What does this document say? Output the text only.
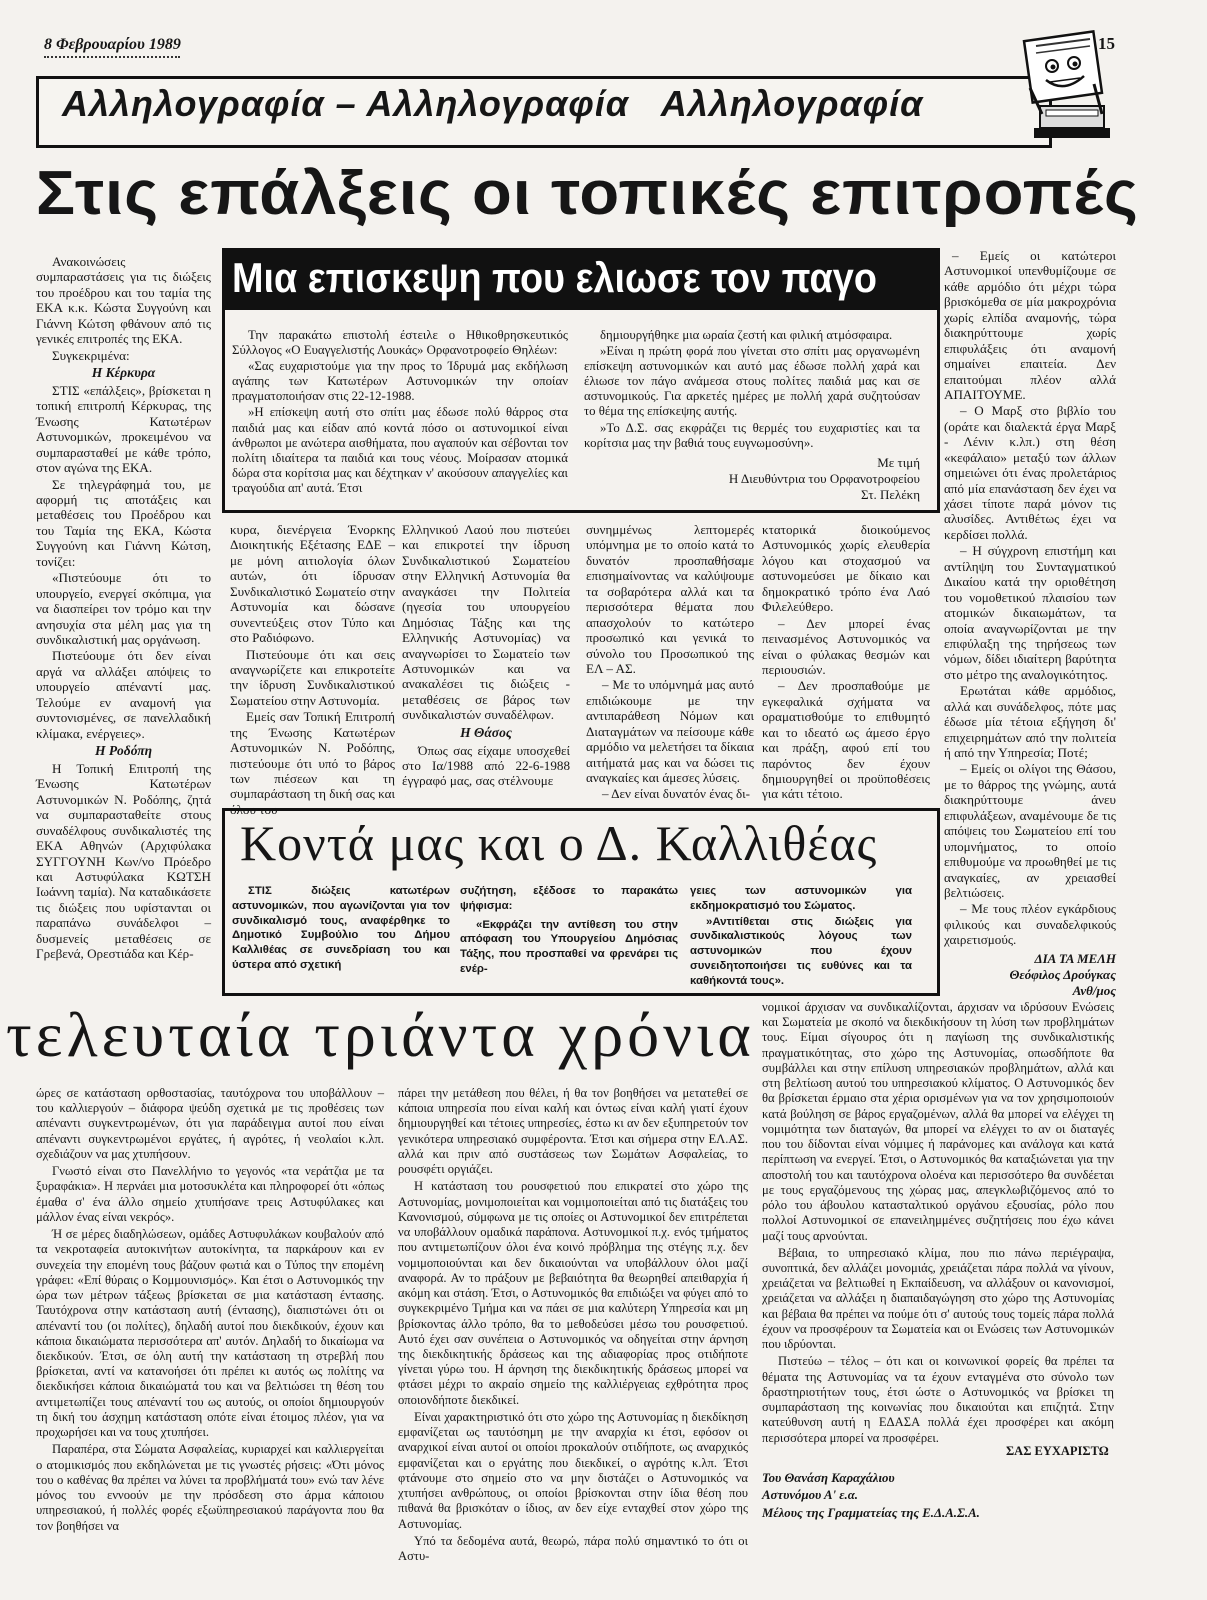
8 Φεβρουαρίου 1989	15
Αλληλογραφία – Αλληλογραφία   Αλληλογραφία
Στις επάλξεις οι τοπικές επιτροπές

Ανακοινώσεις συμπαραστάσεις για τις διώξεις του προέδρου και του ταμία της ΕΚΑ κ.κ. Κώστα Συγγούνη και Γιάννη Κώτση φθάνουν από τις γενικές επιτροπές της ΕΚΑ.

Συγκεκριμένα:

Η Κέρκυρα

ΣΤΙΣ «επάλξεις», βρίσκεται η τοπική επιτροπή Κέρκυρας, της Ένωσης Κατωτέρων Αστυνομικών, προκειμένου να συμπαρασταθεί με κάθε τρόπο, στον αγώνα της ΕΚΑ.

Σε τηλεγράφημά του, με αφορμή τις αποτάξεις και μεταθέσεις του Προέδρου και του Ταμία της ΕΚΑ, Κώστα Συγγούνη και Γιάννη Κώτση, τονίζει:

«Πιστεύουμε ότι το υπουργείο, ενεργεί σκόπιμα, για να διασπείρει τον τρόμο και την ανησυχία στα μέλη μας για τη συνδικαλιστική μας οργάνωση.

Πιστεύουμε ότι δεν είναι αργά να αλλάξει απόψεις το υπουργείο απέναντί μας. Τελούμε εν αναμονή για συντονισμένες, σε πανελλαδική κλίμακα, ενέργειες».

Η Ροδόπη

Η Τοπική Επιτροπή της Ένωσης Κατωτέρων Αστυνομικών Ν. Ροδόπης, ζητά να συμπαρασταθείτε στους συναδέλφους συνδικαλιστές της ΕΚΑ Αθηνών (Αρχιφύλακα ΣΥΓΓΟΥΝΗ Κων/νο Πρόεδρο και Αστυφύλακα ΚΩΤΣΗ Ιωάννη ταμία). Να καταδικάσετε τις διώξεις που υφίστανται οι παραπάνω συνάδελφοι – δυσμενείς μεταθέσεις σε Γρεβενά, Ορεστιάδα και Κέρ-

Μια επισκεψη που ελιωσε τον παγο

Την παρακάτω επιστολή έστειλε ο Ηθικοθρησκευτικός Σύλλογος «Ο Ευαγγελιστής Λουκάς» Ορφανοτροφείο Θηλέων:

«Σας ευχαριστούμε για την προς το Ίδρυμά μας εκδήλωση αγάπης των Κατωτέρων Αστυνομικών την οποίαν πραγματοποιήσαν στις 22-12-1988.

»Η επίσκεψη αυτή στο σπίτι μας έδωσε πολύ θάρρος στα παιδιά μας και είδαν από κοντά πόσο οι αστυνομικοί είναι άνθρωποι με ανώτερα αισθήματα, που αγαπούν και σέβονται τον πολίτη ιδιαίτερα τα παιδιά και τους νέους. Μοίρασαν ατομικά δώρα στα κορίτσια μας και δέχτηκαν ν' ακούσουν απαγγελίες και τραγούδια απ' αυτά. Έτσι

δημιουργήθηκε μια ωραία ζεστή και φιλική ατμόσφαιρα.

»Είναι η πρώτη φορά που γίνεται στο σπίτι μας οργανωμένη επίσκεψη αστυνομικών και αυτό μας έδωσε πολλή χαρά και έλιωσε τον πάγο ανάμεσα στους πολίτες παιδιά μας και σε αστυνομικούς. Για αρκετές ημέρες με πολλή χαρά συζητούσαν το θέμα της επίσκεψης αυτής.

»Το Δ.Σ. σας εκφράζει τις θερμές του ευχαριστίες και τα κορίτσια μας την βαθιά τους ευγνωμοσύνη».

Με τιμή
Η Διευθύντρια του Ορφανοτροφείου
Στ. Πελέκη

κυρα, διενέργεια Ένορκης Διοικητικής Εξέτασης ΕΔΕ – με μόνη αιτιολογία όλων αυτών, ότι ίδρυσαν Συνδικαλιστικό Σωματείο στην Αστυνομία και δώσανε συνεντεύξεις στον Τύπο και στο Ραδιόφωνο.

Πιστεύουμε ότι και σεις αναγνωρίζετε και επικροτείτε την ίδρυση Συνδικαλιστικού Σωματείου στην Αστυνομία.

Εμείς σαν Τοπική Επιτροπή της Ένωσης Κατωτέρων Αστυνομικών Ν. Ροδόπης, πιστεύουμε ότι υπό το βάρος των πιέσεων και τη συμπαράσταση τη δική σας και όλου του

Ελληνικού Λαού που πιστεύει και επικροτεί την ίδρυση Συνδικαλιστικού Σωματείου στην Ελληνική Αστυνομία θα αναγκάσει την Πολιτεία (ηγεσία του υπουργείου Δημόσιας Τάξης και της Ελληνικής Αστυνομίας) να αναγνωρίσει το Σωματείο των Αστυνομικών και να ανακαλέσει τις διώξεις - μεταθέσεις σε βάρος των συνδικαλιστών συναδέλφων.

Η Θάσος

Όπως σας είχαμε υποσχεθεί στο Ια/1988 από 22-6-1988 έγγραφό μας, σας στέλνουμε

συνημμένως λεπτομερές υπόμνημα με το οποίο κατά το δυνατόν προσπαθήσαμε επισημαίνοντας να καλύψουμε τα σοβαρότερα αλλά και τα περισσότερα θέματα που απασχολούν το κατώτερο προσωπικό και γενικά το σύνολο του Προσωπικού της ΕΛ – ΑΣ.

– Με το υπόμνημά μας αυτό επιδιώκουμε με την αντιπαράθεση Νόμων και Διαταγμάτων να πείσουμε κάθε αρμόδιο να μελετήσει τα δίκαια αιτήματά μας και να δώσει τις αναγκαίες και άμεσες λύσεις.

– Δεν είναι δυνατόν ένας δι-

κτατορικά διοικούμενος Αστυνομικός χωρίς ελευθερία λόγου και στοχασμού να αστυνομεύσει με δίκαιο και δημοκρατικό τρόπο ένα Λαό Φιλελεύθερο.

– Δεν μπορεί ένας πεινασμένος Αστυνομικός να είναι ο φύλακας θεσμών και περιουσιών.

– Δεν προσπαθούμε με εγκεφαλικά σχήματα να οραματισθούμε το επιθυμητό και το ιδεατό ως άμεσο έργο και πράξη, αφού επί του παρόντος δεν έχουν δημιουργηθεί οι προϋποθέσεις για κάτι τέτοιο.

– Εμείς οι κατώτεροι Αστυνομικοί υπενθυμίζουμε σε κάθε αρμόδιο ότι μέχρι τώρα βρισκόμεθα σε μία μακροχρόνια χωρίς ελπίδα αναμονής, τώρα διακηρύττουμε χωρίς επιφυλάξεις ότι αναμονή σημαίνει επαιτεία. Δεν επαιτούμαι πλέον αλλά ΑΠΑΙΤΟΥΜΕ.

– Ο Μαρξ στο βιβλίο του (οράτε και διαλεκτά έργα Μαρξ - Λένιν κ.λπ.) στη θέση «κεφάλαιο» μεταξύ των άλλων σημειώνει ότι ένας προλετάριος από μία επανάσταση δεν έχει να χάσει τίποτε παρά μόνον τις αλυσίδες. Αντιθέτως έχει να κερδίσει πολλά.

– Η σύγχρονη επιστήμη και αντίληψη του Συνταγματικού Δικαίου κατά την οριοθέτηση του νομοθετικού πλαισίου των ατομικών δικαιωμάτων, τα οποία αναγνωρίζονται με την επιφύλαξη της τηρήσεως των νόμων, δίδει ιδιαίτερη βαρύτητα στο μέτρο της αναλογικότητος.

Ερωτάται κάθε αρμόδιος, αλλά και συνάδελφος, πότε μας έδωσε μία τέτοια εξήγηση δι' επιχειρημάτων από την πολιτεία ή από την Υπηρεσία; Ποτέ;

– Εμείς οι ολίγοι της Θάσου, με το θάρρος της γνώμης, αυτά διακηρύττουμε άνευ επιφυλάξεων, αναμένουμε δε τις απόψεις του Σωματείου επί του υπομνήματος, το οποίο επιθυμούμε να προωθηθεί με τις αναγκαίες, αν χρειασθεί βελτιώσεις.

– Με τους πλέον εγκάρδιους φιλικούς και συναδελφικούς χαιρετισμούς.

ΔΙΑ ΤΑ ΜΕΛΗ
Θεόφιλος Δρούγκας
Ανθ/μος
Κοντά μας και ο Δ. Καλλιθέας

ΣΤΙΣ διώξεις κατωτέρων αστυνομικών, που αγωνίζονται για τον συνδικαλισμό τους, αναφέρθηκε το Δημοτικό Συμβούλιο του Δήμου Καλλιθέας σε συνεδρίαση του και ύστερα από σχετική

συζήτηση, εξέδοσε το παρακάτω ψήφισμα:

«Εκφράζει την αντίθεση του στην απόφαση του Υπουργείου Δημόσιας Τάξης, που προσπαθεί να φρενάρει τις ενέρ-

γειες των αστυνομικών για εκδημοκρατισμό του Σώματος.

»Αντιτίθεται στις διώξεις για συνδικαλιστικούς λόγους των αστυνομικών που έχουν συνειδητοποιήσει τις ευθύνες και τα καθήκοντά τους».

τελευταία τριάντα χρόνια

ώρες σε κατάσταση ορθοστασίας, ταυτόχρονα του υποβάλλουν – του καλλιεργούν – διάφορα ψεύδη σχετικά με τις προθέσεις των απέναντι συγκεντρωμένων, ότι για παράδειγμα αυτοί που είναι απέναντι συγκεντρωμένοι εργάτες, ή αγρότες, ή νεολαίοι κ.λπ. σχεδιάζουν να μας χτυπήσουν.

Γνωστό είναι στο Πανελλήνιο το γεγονός «τα νεράτζια με τα ξυραφάκια». Η περνάει μια μοτοσυκλέτα και πληροφορεί ότι «όπως έμαθα σ' ένα άλλο σημείο χτυπήσανε τρεις Αστυφύλακες και μάλλον ένας είναι νεκρός».

Ή σε μέρες διαδηλώσεων, ομάδες Αστυφυλάκων κουβαλούν από τα νεκροταφεία αυτοκινήτων αυτοκίνητα, τα παρκάρουν και εν συνεχεία την επομένη τους βάζουν φωτιά και ο Τύπος την επομένη γράφει: «Επί θύραις ο Κομμουνισμός». Και έτσι ο Αστυνομικός την ώρα των μέτρων τάξεως βρίσκεται σε μια κατάσταση έντασης. Ταυτόχρονα στην κατάσταση αυτή (έντασης), διαπιστώνει ότι οι απέναντί του (οι πολίτες), δηλαδή αυτοί που διεκδικούν, έχουν και κάποια δικαιώματα περισσότερα απ' αυτόν. Δηλαδή το δικαίωμα να διεκδικούν. Έτσι, σε όλη αυτή την κατάσταση τη στρεβλή που βρίσκεται, αντί να κατανοήσει ότι πρέπει κι αυτός ως πολίτης να διεκδικήσει κάποια δικαιώματά του και να βελτιώσει τη θέση του αντιμετωπίζει τους απέναντί του ως αυτούς, οι οποίοι δημιουργούν τη δική του άσχημη κατάσταση οπότε είναι έτοιμος πλέον, για να προχωρήσει και να τους χτυπήσει.

Παραπέρα, στα Σώματα Ασφαλείας, κυριαρχεί και καλλιεργείται ο ατομικισμός που εκδηλώνεται με τις γνωστές ρήσεις: «Ότι μόνος του ο καθένας θα πρέπει να λύνει τα προβλήματά του» ενώ ταν λένε μόνος του εννοούν με την πρόσδεση στο άρμα κάποιου υπηρεσιακού, ή πολλές φορές εξωϋπηρεσιακού παράγοντα που θα τον βοηθήσει να

πάρει την μετάθεση που θέλει, ή θα τον βοηθήσει να μετατεθεί σε κάποια υπηρεσία που είναι καλή και όντως είναι καλή γιατί έχουν δημιουργηθεί και τέτοιες υπηρεσίες, έστω κι αν δεν εξυπηρετούν τον γενικότερα υπηρεσιακό συμφέροντα. Έτσι και σήμερα στην ΕΛ.ΑΣ. αλλά και πριν από συστάσεως των Σωμάτων Ασφαλείας, το ρουσφέτι οργιάζει.

Η κατάσταση του ρουσφετιού που επικρατεί στο χώρο της Αστυνομίας, μονιμοποιείται και νομιμοποιείται από τις διατάξεις του Κανονισμού, σύμφωνα με τις οποίες οι Αστυνομικοί δεν επιτρέπεται να υποβάλλουν ομαδικά παράπονα. Αστυνομικοί π.χ. ενός τμήματος που αντιμετωπίζουν όλοι ένα κοινό πρόβλημα της στέγης π.χ. δεν νομιμοποιούνται και δεν δικαιούνται να υποβάλλουν όλοι μαζί αναφορά. Αν το πράξουν με βεβαιότητα θα θεωρηθεί απειθαρχία ή ακόμη και στάση. Έτσι, ο Αστυνομικός θα επιδιώξει να φύγει από το συγκεκριμένο Τμήμα και να πάει σε μια καλύτερη Υπηρεσία και μη βρίσκοντας άλλο τρόπο, θα το μεθοδεύσει μέσω του ρουσφετιού. Αυτό έχει σαν συνέπεια ο Αστυνομικός να οδηγείται στην άρνηση της διεκδικητικής δράσεως και της αδιαφορίας προς οτιδήποτε γίνεται γύρω του. Η άρνηση της διεκδικητικής δράσεως μπορεί να φτάσει μέχρι το ακραίο σημείο της καλλιέργειας εχθρότητα προς οποιονδήποτε διεκδικεί.

Είναι χαρακτηριστικό ότι στο χώρο της Αστυνομίας η διεκδίκηση εμφανίζεται ως ταυτόσημη με την αναρχία κι έτσι, εφόσον οι αναρχικοί είναι αυτοί οι οποίοι προκαλούν οτιδήποτε, ως αναρχικός εμφανίζεται και ο εργάτης που διεκδικεί, ο αγρότης κ.λπ. Έτσι φτάνουμε στο σημείο στο να μην διστάζει ο Αστυνομικός να χτυπήσει ανθρώπους, οι οποίοι βρίσκονται στην ίδια θέση που πιθανά θα βρισκόταν ο ίδιος, αν δεν είχε ενταχθεί στον χώρο της Αστυνομίας.

Υπό τα δεδομένα αυτά, θεωρώ, πάρα πολύ σημαντικό το ότι οι Αστυ-

νομικοί άρχισαν να συνδικαλίζονται, άρχισαν να ιδρύσουν Ενώσεις και Σωματεία με σκοπό να διεκδικήσουν τη λύση των προβλημάτων τους. Είμαι σίγουρος ότι η παγίωση της συνδικαλιστικής πραγματικότητας, στο χώρο της Αστυνομίας, οπωσδήποτε θα συμβάλλει και στην επίλυση υπηρεσιακών προβλημάτων, αλλά και στη βελτίωση αυτού του υπηρεσιακού κλίματος. Ο Αστυνομικός δεν θα βρίσκεται έρμαιο στα χέρια ορισμένων για να τον χρησιμοποιούν κατά βούληση σε βάρος εργαζομένων, αλλά θα μπορεί να ελέγχει τη νομιμότητα των διαταγών, θα μπορεί να ελέγχει το αν οι διαταγές που του δίδονται είναι νόμιμες ή παράνομες και ανάλογα και κατά περίπτωση να ενεργεί. Έτσι, ο Αστυνομικός θα καταξιώνεται για την αποστολή του και ταυτόχρονα ολοένα και περισσότερο θα συνδέεται με τους εργαζόμενους της χώρας μας, απεγκλωβιζόμενος από το ρόλο του άβουλου κατασταλτικού οργάνου εξουσίας, ρόλο που πολλοί Αστυνομικοί σε επανειλημμένες συζητήσεις που έχω κάνει μαζί τους αρνούνται.

Βέβαια, το υπηρεσιακό κλίμα, που πιο πάνω περιέγραψα, συνοπτικά, δεν αλλάζει μονομιάς, χρειάζεται πάρα πολλά να γίνουν, χρειάζεται να βελτιωθεί η Εκπαίδευση, να αλλάξουν οι κανονισμοί, χρειάζεται να αλλάξει η διαπαιδαγώγηση στο χώρο της Αστυνομίας και βέβαια θα πρέπει να πούμε ότι σ' αυτούς τους τομείς πάρα πολλά έχουν να προσφέρουν τα Σωματεία και οι Ενώσεις των Αστυνομικών που ιδρύονται.

Πιστεύω – τέλος – ότι και οι κοινωνικοί φορείς θα πρέπει τα θέματα της Αστυνομίας να τα έχουν ενταγμένα στο σύνολο των δραστηριοτήτων τους, έτσι ώστε ο Αστυνομικός να βρίσκει τη συμπαράσταση της κοινωνίας που δικαιούται και επιζητά. Στην κατεύθυνση αυτή η ΕΔΑΣΑ πολλά έχει προσφέρει και ακόμη περισσότερα μπορεί να προσφέρει.

ΣΑΣ ΕΥΧΑΡΙΣΤΩ
Του Θανάση Καραχάλιου
Αστυνόμου Α' ε.α.
Μέλους της Γραμματείας της Ε.Δ.Α.Σ.Α.
